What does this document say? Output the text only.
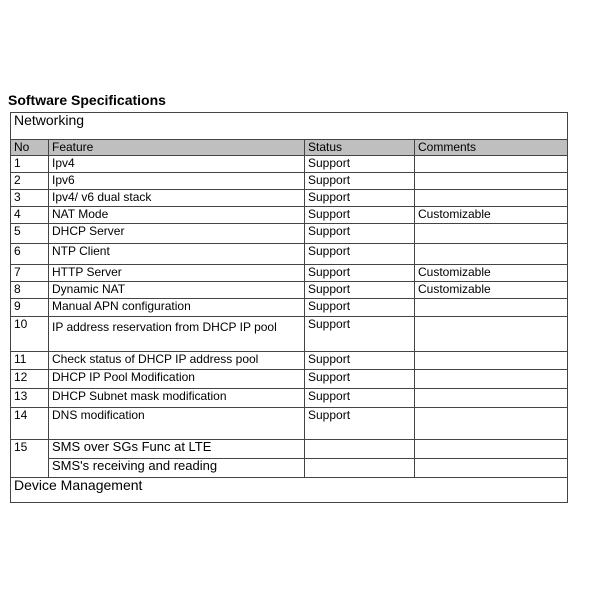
Software Specifications
Networking			
No	Feature	Status	Comments
1	Ipv4	Support	
2	Ipv6	Support	
3	Ipv4/ v6 dual stack	Support	
4	NAT Mode	Support	Customizable
5	DHCP Server	Support	
6	NTP Client	Support	
7	HTTP Server	Support	Customizable
8	Dynamic NAT	Support	Customizable
9	Manual APN configuration	Support	
10	IP address reservation from DHCP IP pool	Support	
11	Check status of DHCP IP address pool	Support	
12	DHCP IP Pool Modification	Support	
13	DHCP Subnet mask modification	Support	
14	DNS modification	Support	
15	SMS over SGs Func at LTE		
	SMS's receiving and reading		
Device Management			
